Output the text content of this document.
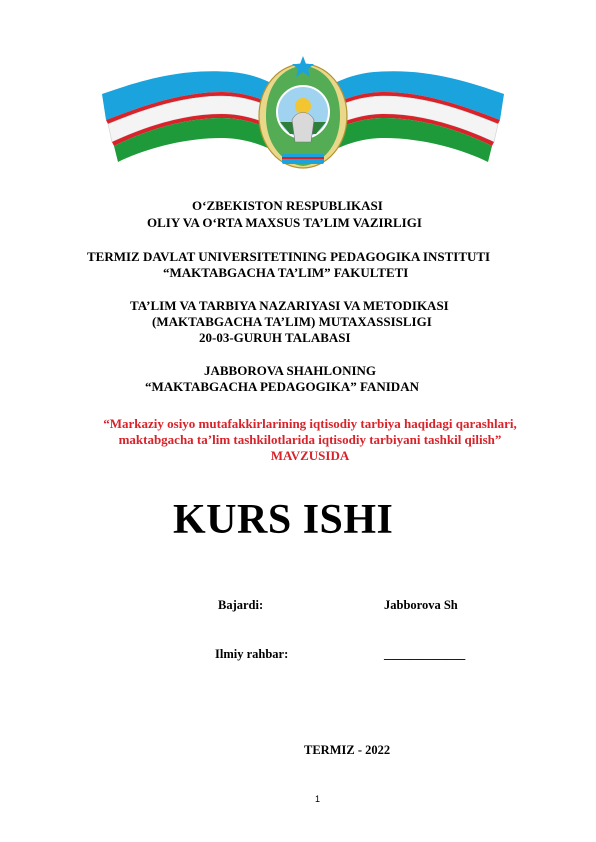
O‘ZBEKISTON RESPUBLIKASI
OLIY VA O‘RTA MAXSUS TA’LIM VAZIRLIGI
TERMIZ DAVLAT UNIVERSITETINING PEDAGOGIKA INSTITUTI
“MAKTABGACHA TA’LIM” FAKULTETI
TA’LIM VA TARBIYA NAZARIYASI VA METODIKASI
(MAKTABGACHA TA’LIM) MUTAXASSISLIGI
20-03-GURUH TALABASI
JABBOROVA SHAHLONING
“MAKTABGACHA PEDAGOGIKA” FANIDAN
“Markaziy osiyo mutafakkirlarining iqtisodiy tarbiya haqidagi qarashlari,
maktabgacha ta’lim tashkilotlarida iqtisodiy tarbiyani tashkil qilish”
MAVZUSIDA
KURS ISHI
Bajardi:	Jabborova Sh
Ilmiy rahbar:	_____________
TERMIZ - 2022
1
